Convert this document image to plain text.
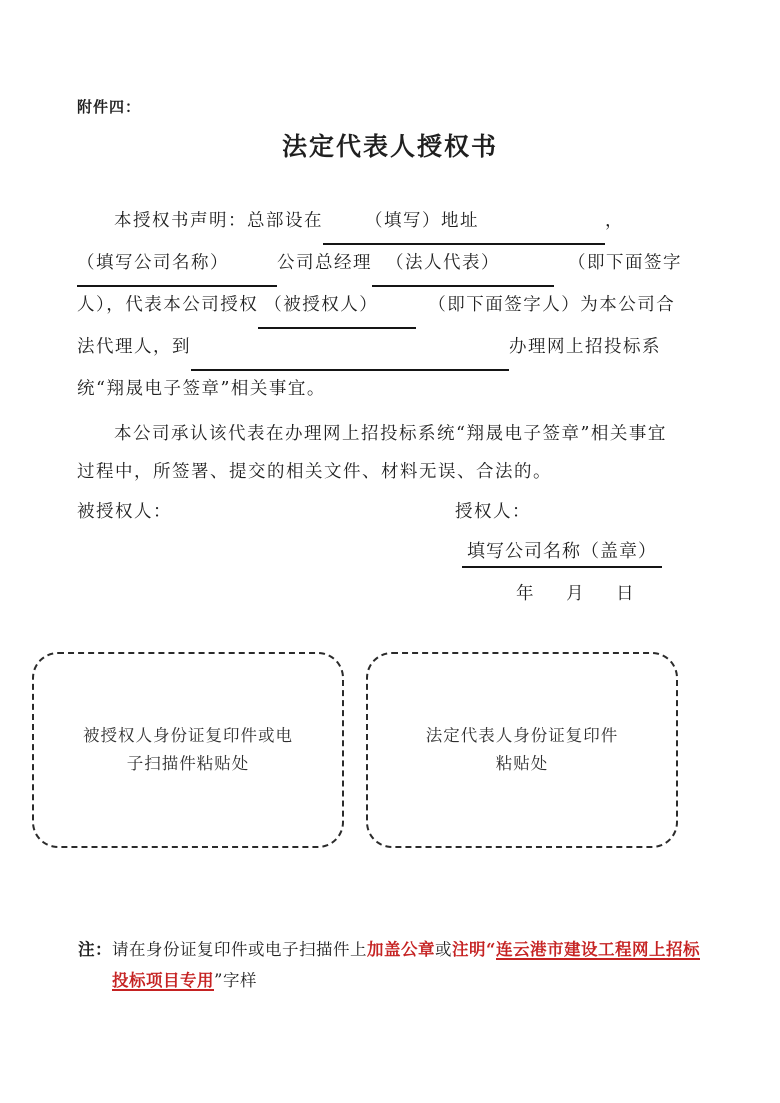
附件四：
法定代表人授权书
本授权书声明：总部设在 （填写）地址	，
（填写公司名称）	公司总经理 （法人代表）	（即下面签字
人），代表本公司授权 （被授权人）	（即下面签字人）为本公司合
法代理人，到	办理网上招投标系
统“翔晟电子签章”相关事宜。
本公司承认该代表在办理网上招投标系统“翔晟电子签章”相关事宜
过程中，所签署、提交的相关文件、材料无误、合法的。
被授权人：	授权人：
填写公司名称（盖章）
年 月 日
被授权人身份证复印件或电
子扫描件粘贴处
法定代表人身份证复印件
粘贴处
注： 请在身份证复印件或电子扫描件上加盖公章或注明“连云港市建设工程网上招标
投标项目专用”字样
